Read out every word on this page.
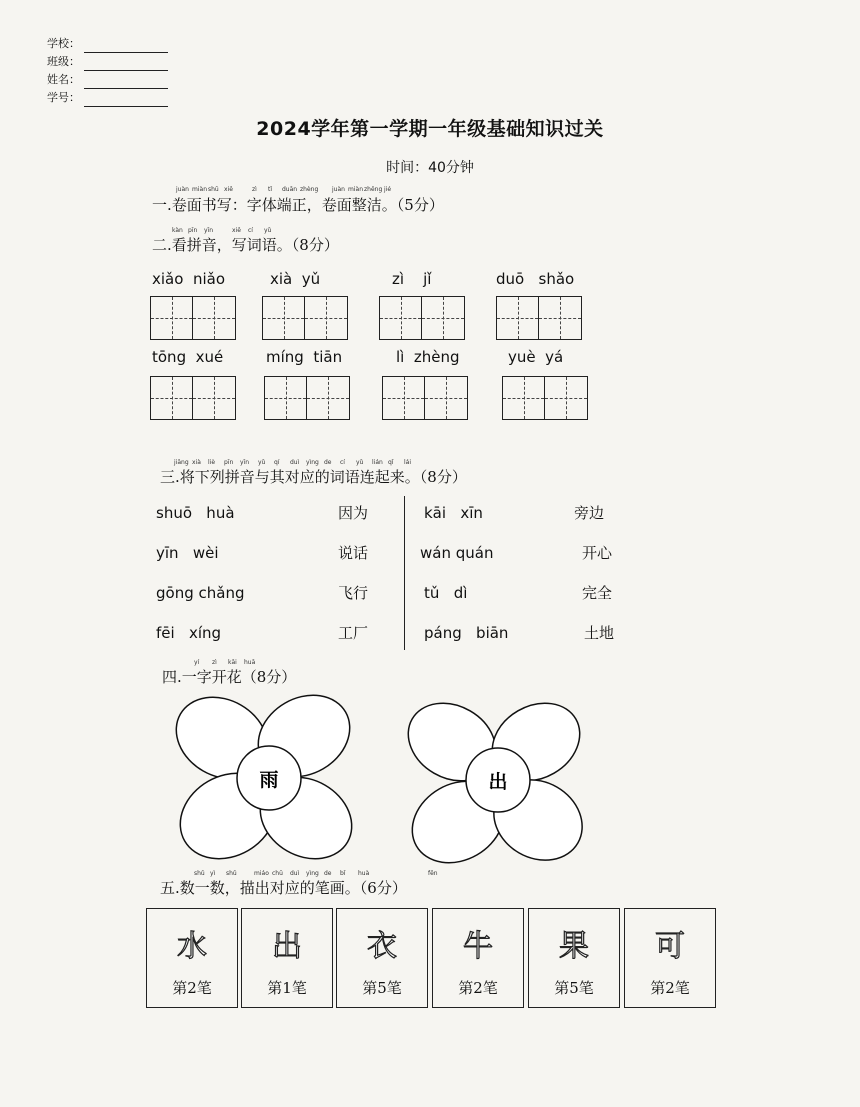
学校：
班级：
姓名：
学号：
2024学年第一学期一年级基础知识过关
时间：40分钟
juàn miàn shū xiě	zì tǐ duān zhèng juàn miàn zhěng jié
一.卷面书写：字体端正，卷面整洁。（5分）
kàn pīn yīn	xiě cí yǔ
二.看拼音，写词语。（8分）
xiǎo  niǎo	xià  yǔ	zì    jǐ	duō   shǎo
tōng  xué	míng  tiān	lì  zhèng	yuè  yá
jiāng xià liè pīn yīn yǔ qí duì yìng de cí yǔ lián qǐ lái
三.将下列拼音与其对应的词语连起来。（8分）
shuō   huà	因为
yīn   wèi	说话
gōng chǎng	飞行
fēi   xíng	工厂
kāi   xīn	旁边
wán quán	开心
tǔ   dì	完全
páng   biān	土地
yí zì kāi huā
四.一字开花（8分）
雨	出
shǔ yì shǔ	miáo chū duì yìng de bǐ huà	fēn
五.数一数，描出对应的笔画。（6分）
水
第2笔
出
第1笔
衣
第5笔
牛
第2笔
果
第5笔
可
第2笔
